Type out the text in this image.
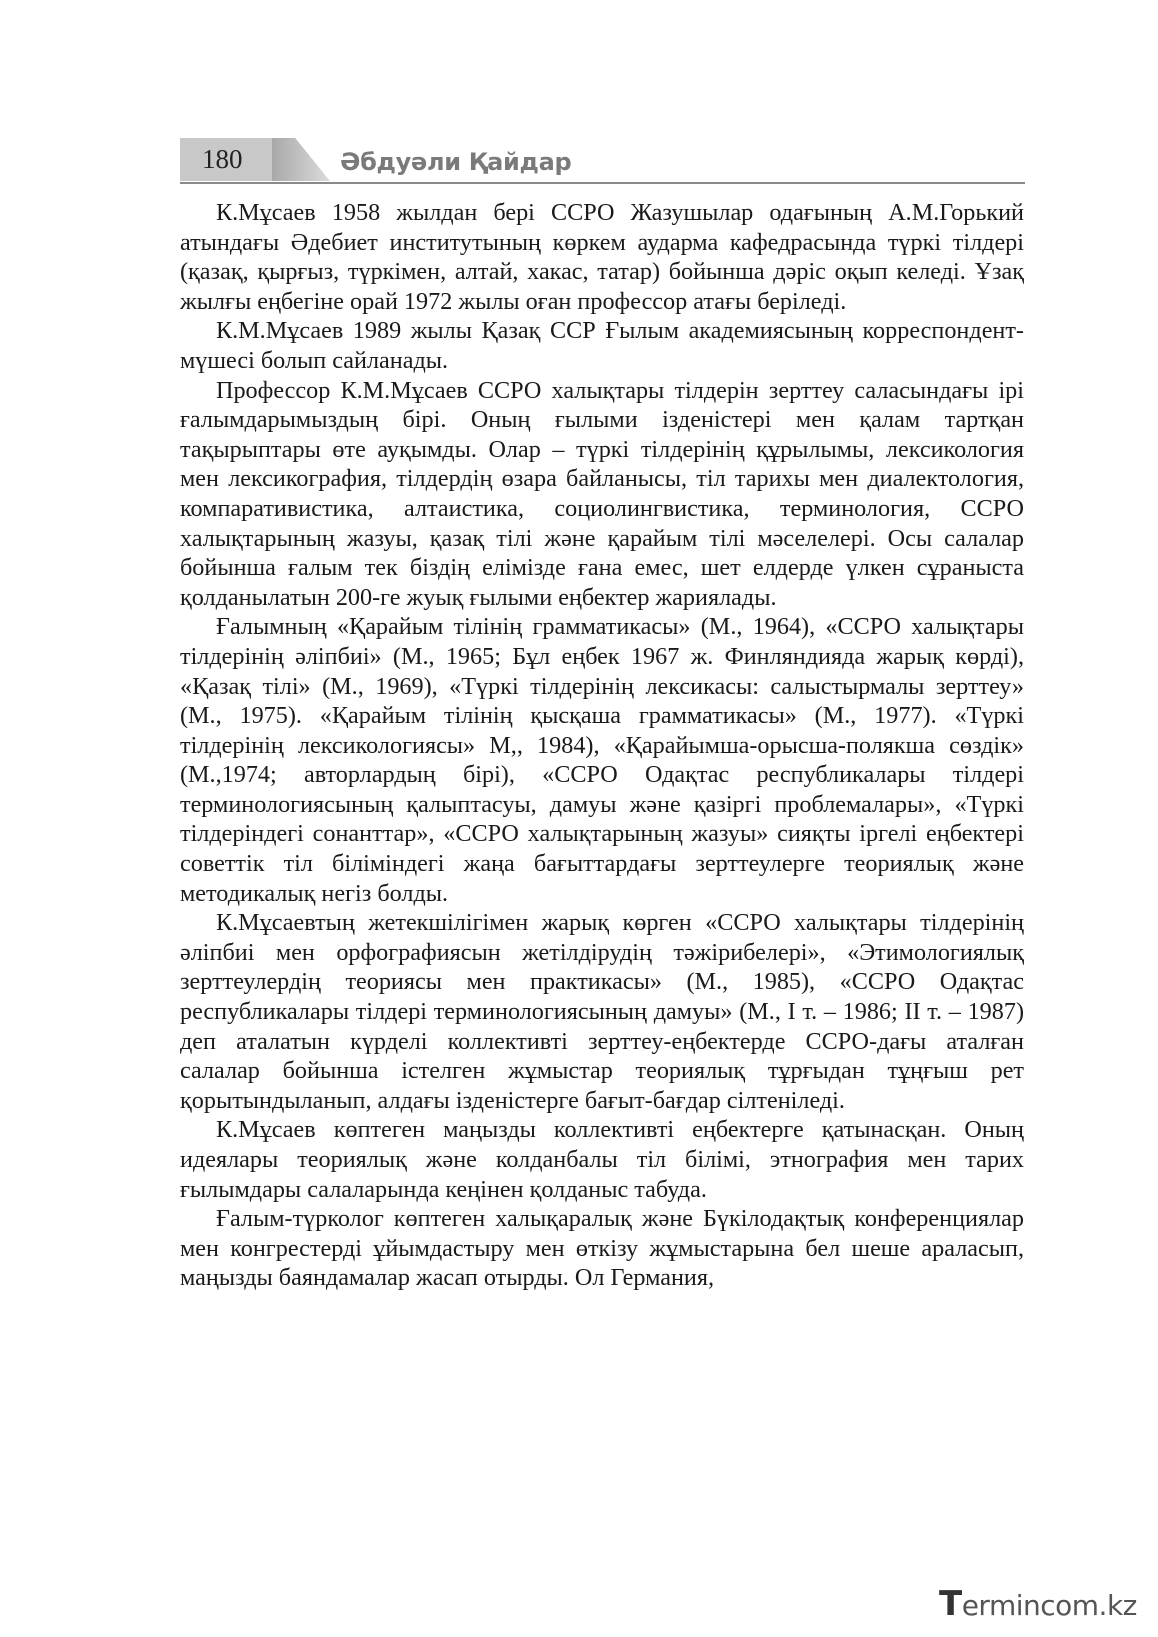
180	Әбдуәли Қайдар

К.Мұсаев 1958 жылдан бері ССРО Жазушылар одағының А.М.Горький атындағы Әдебиет институтының көркем аударма кафедрасында түркі тілдері (қазақ, қырғыз, түркімен, алтай, хакас, татар) бойынша дәріс оқып келеді. Ұзақ жылғы еңбегіне орай 1972 жылы оған профессор атағы беріледі.

К.М.Мұсаев 1989 жылы Қазақ ССР Ғылым академиясының корреспондент-мүшесі болып сайланады.

Профессор К.М.Мұсаев ССРО халықтары тілдерін зерттеу саласындағы ірі ғалымдарымыздың бірі. Оның ғылыми ізденістері мен қалам тартқан тақырыптары өте ауқымды. Олар – түркі тілдерінің құрылымы, лексикология мен лексикография, тілдердің өзара байланысы, тіл тарихы мен диалектология, компаративистика, алтаистика, социолингвистика, терминология, ССРО халықтарының жазуы, қазақ тілі және қарайым тілі мәселелері. Осы салалар бойынша ғалым тек біздің елімізде ғана емес, шет елдерде үлкен сұраныста қолданылатын 200-ге жуық ғылыми еңбектер жариялады.

Ғалымның «Қарайым тілінің грамматикасы» (М., 1964), «ССРО халықтары тілдерінің әліпбиі» (М., 1965; Бұл еңбек 1967 ж. Финляндияда жарық көрді), «Қазақ тілі» (М., 1969), «Түркі тілдерінің лексикасы: салыстырмалы зерттеу» (М., 1975). «Қарайым тілінің қысқаша грамматикасы» (М., 1977). «Түркі тілдерінің лексикологиясы» М,, 1984), «Қарайымша-орысша-полякша сөздік» (М.,1974; авторлардың бірі), «ССРО Одақтас республикалары тілдері терминологиясының қалыптасуы, дамуы және қазіргі проблемалары», «Түркі тілдеріндегі сонанттар», «ССРО халықтарының жазуы» сияқты іргелі еңбектері советтік тіл біліміндегі жаңа бағыттардағы зерттеулерге теориялық және методикалық негіз болды.

К.Мұсаевтың жетекшілігімен жарық көрген «ССРО халықтары тілдерінің әліпбиі мен орфографиясын жетілдірудің тәжірибелері», «Этимологиялық зерттеулердің теориясы мен практикасы» (М., 1985), «ССРО Одақтас республикалары тілдері терминологиясының дамуы» (М., І т. – 1986; ІІ т. – 1987) деп аталатын күрделі коллективті зерттеу-еңбектерде ССРО-дағы аталған салалар бойынша істелген жұмыстар теориялық тұрғыдан тұңғыш рет қорытындыланып, алдағы ізденістерге бағыт-бағдар сілтеніледі.

К.Мұсаев көптеген маңызды коллективті еңбектерге қатынасқан. Оның идеялары теориялық және колданбалы тіл білімі, этнография мен тарих ғылымдары салаларында кеңінен қолданыс табуда.

Ғалым-түрколог көптеген халықаралық және Бүкілодақтық конференциялар мен конгрестерді ұйымдастыру мен өткізу жұмыстарына бел шеше араласып, маңызды баяндамалар жасап отырды. Ол Германия,

Termincom.kz
